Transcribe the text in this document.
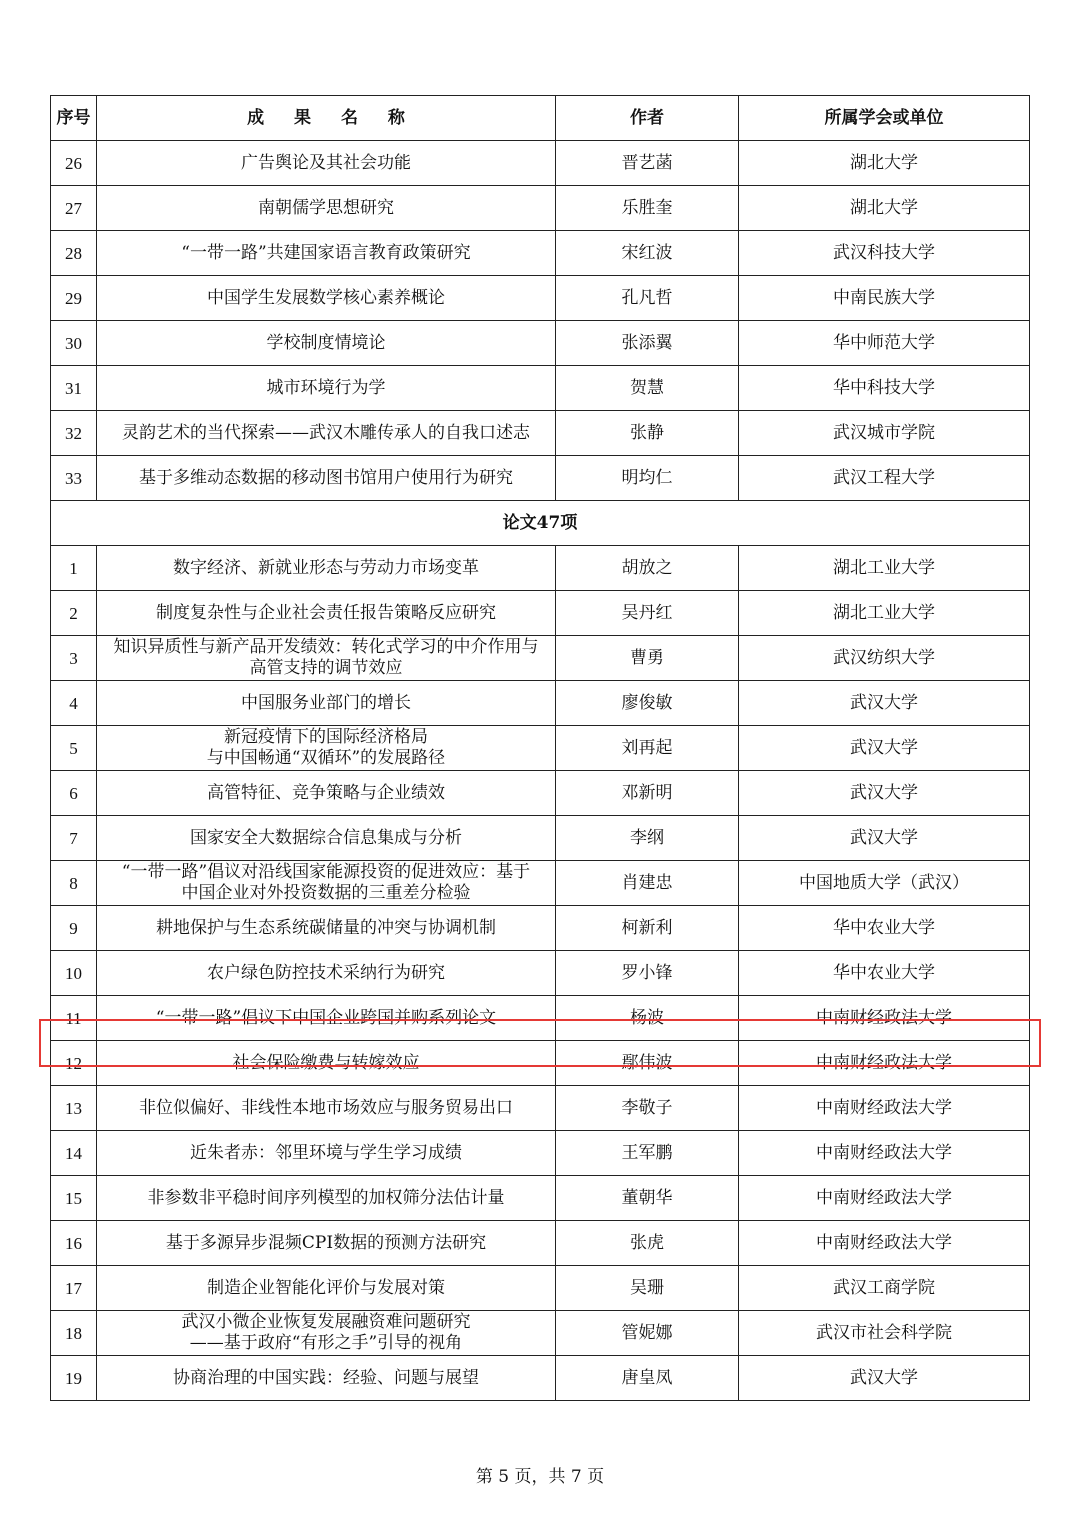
序号	成 果 名 称	作者	所属学会或单位
26	广告舆论及其社会功能	晋艺菡	湖北大学
27	南朝儒学思想研究	乐胜奎	湖北大学
28	“一带一路”共建国家语言教育政策研究	宋红波	武汉科技大学
29	中国学生发展数学核心素养概论	孔凡哲	中南民族大学
30	学校制度情境论	张添翼	华中师范大学
31	城市环境行为学	贺慧	华中科技大学
32	灵韵艺术的当代探索——武汉木雕传承人的自我口述志	张静	武汉城市学院
33	基于多维动态数据的移动图书馆用户使用行为研究	明均仁	武汉工程大学
论文47项			
1	数字经济、新就业形态与劳动力市场变革	胡放之	湖北工业大学
2	制度复杂性与企业社会责任报告策略反应研究	吴丹红	湖北工业大学
3	知识异质性与新产品开发绩效：转化式学习的中介作用与
高管支持的调节效应	曹勇	武汉纺织大学
4	中国服务业部门的增长	廖俊敏	武汉大学
5	新冠疫情下的国际经济格局
与中国畅通“双循环”的发展路径	刘再起	武汉大学
6	高管特征、竞争策略与企业绩效	邓新明	武汉大学
7	国家安全大数据综合信息集成与分析	李纲	武汉大学
8	“一带一路”倡议对沿线国家能源投资的促进效应：基于
中国企业对外投资数据的三重差分检验	肖建忠	中国地质大学（武汉）
9	耕地保护与生态系统碳储量的冲突与协调机制	柯新利	华中农业大学
10	农户绿色防控技术采纳行为研究	罗小锋	华中农业大学
11	“一带一路”倡议下中国企业跨国并购系列论文	杨波	中南财经政法大学
12	社会保险缴费与转嫁效应	鄢伟波	中南财经政法大学
13	非位似偏好、非线性本地市场效应与服务贸易出口	李敬子	中南财经政法大学
14	近朱者赤：邻里环境与学生学习成绩	王军鹏	中南财经政法大学
15	非参数非平稳时间序列模型的加权筛分法估计量	董朝华	中南财经政法大学
16	基于多源异步混频CPI数据的预测方法研究	张虎	中南财经政法大学
17	制造企业智能化评价与发展对策	吴珊	武汉工商学院
18	武汉小微企业恢复发展融资难问题研究
——基于政府“有形之手”引导的视角	管妮娜	武汉市社会科学院
19	协商治理的中国实践：经验、问题与展望	唐皇凤	武汉大学
第 5 页，共 7 页
